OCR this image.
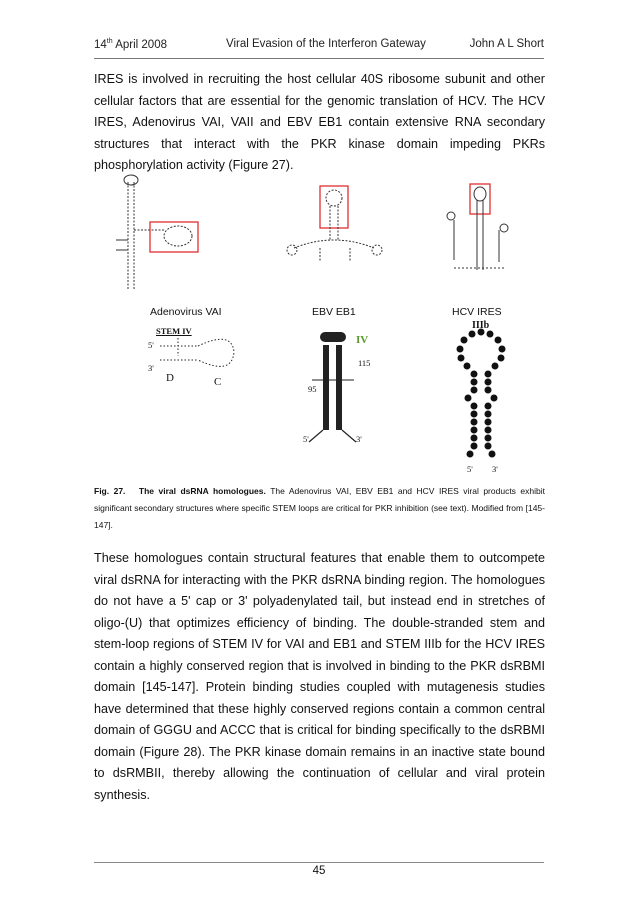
14th April 2008	Viral Evasion of the Interferon Gateway	John A L Short

IRES is involved in recruiting the host cellular 40S ribosome subunit and other cellular factors that are essential for the genomic translation of HCV. The HCV IRES, Adenovirus VAI, VAII and EBV EB1 contain extensive RNA secondary structures that interact with the PKR kinase domain impeding PKRs phosphorylation activity (Figure 27).

Adenovirus VAI	EBV EB1	HCV IRES
STEM IV
5'
3'
D	C
IV
95
115
5'	3'
IIIb
5' 3'

Fig. 27. The viral dsRNA homologues. The Adenovirus VAI, EBV EB1 and HCV IRES viral products exhibit significant secondary structures where specific STEM loops are critical for PKR inhibition (see text). Modified from [145-147].

These homologues contain structural features that enable them to outcompete viral dsRNA for interacting with the PKR dsRNA binding region. The homologues do not have a 5' cap or 3' polyadenylated tail, but instead end in stretches of oligo-(U) that optimizes efficiency of binding. The double-stranded stem and stem-loop regions of STEM IV for VAI and EB1 and STEM IIIb for the HCV IRES contain a highly conserved region that is involved in binding to the PKR dsRBMI domain [145-147]. Protein binding studies coupled with mutagenesis studies have determined that these highly conserved regions contain a common central domain of GGGU and ACCC that is critical for binding specifically to the dsRBMI domain (Figure 28). The PKR kinase domain remains in an inactive state bound to dsRMBII, thereby allowing the continuation of cellular and viral protein synthesis.

45
